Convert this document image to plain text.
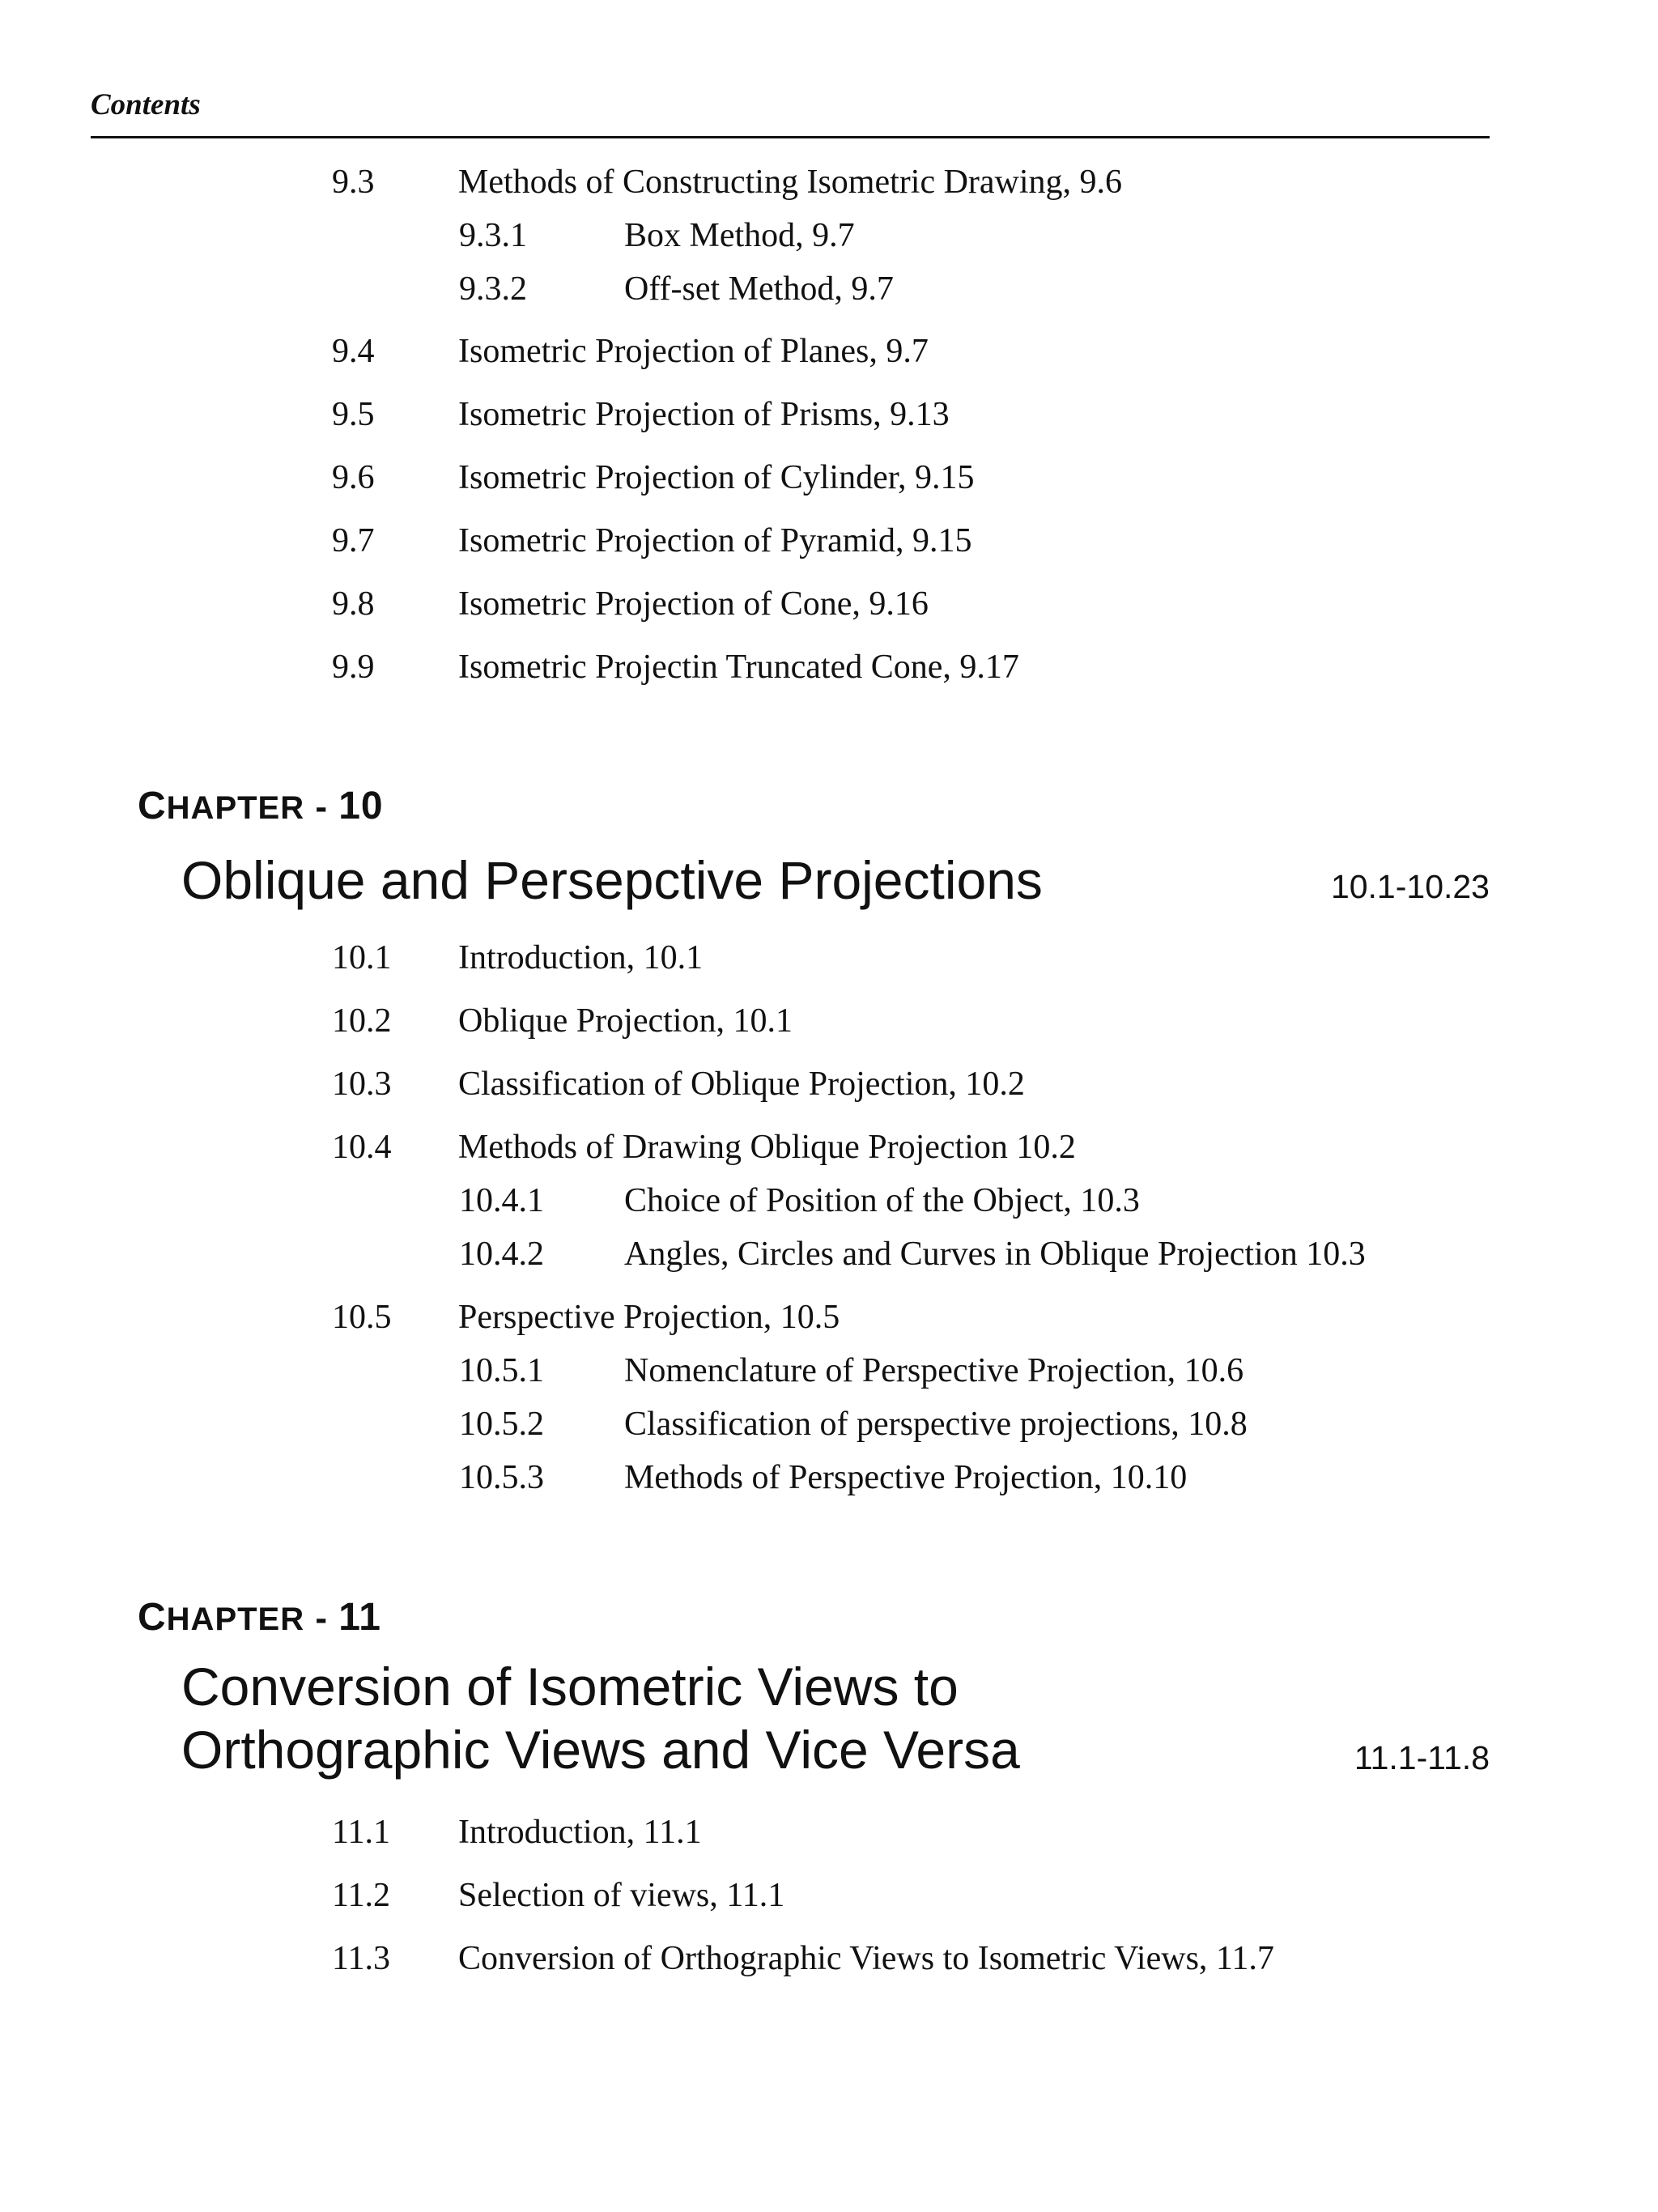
Contents
9.3 Methods of Constructing Isometric Drawing, 9.6
9.3.1	Box Method, 9.7
9.3.2	Off-set Method, 9.7
9.4 Isometric Projection of Planes, 9.7
9.5 Isometric Projection of Prisms, 9.13
9.6 Isometric Projection of Cylinder, 9.15
9.7 Isometric Projection of Pyramid, 9.15
9.8 Isometric Projection of Cone, 9.16
9.9 Isometric Projectin Truncated Cone, 9.17
CHAPTER - 10
Oblique and Persepctive Projections	10.1-10.23
10.1 Introduction, 10.1
10.2 Oblique Projection, 10.1
10.3 Classification of Oblique Projection, 10.2
10.4 Methods of Drawing Oblique Projection 10.2
10.4.1 Choice of Position of the Object, 10.3
10.4.2 Angles, Circles and Curves in Oblique Projection 10.3
10.5 Perspective Projection, 10.5
10.5.1 Nomenclature of Perspective Projection, 10.6
10.5.2 Classification of perspective projections, 10.8
10.5.3 Methods of Perspective Projection, 10.10
CHAPTER - 11
Conversion of Isometric Views to
Orthographic Views and Vice Versa	11.1-11.8
11.1 Introduction, 11.1
11.2 Selection of views, 11.1
11.3 Conversion of Orthographic Views to Isometric Views, 11.7
